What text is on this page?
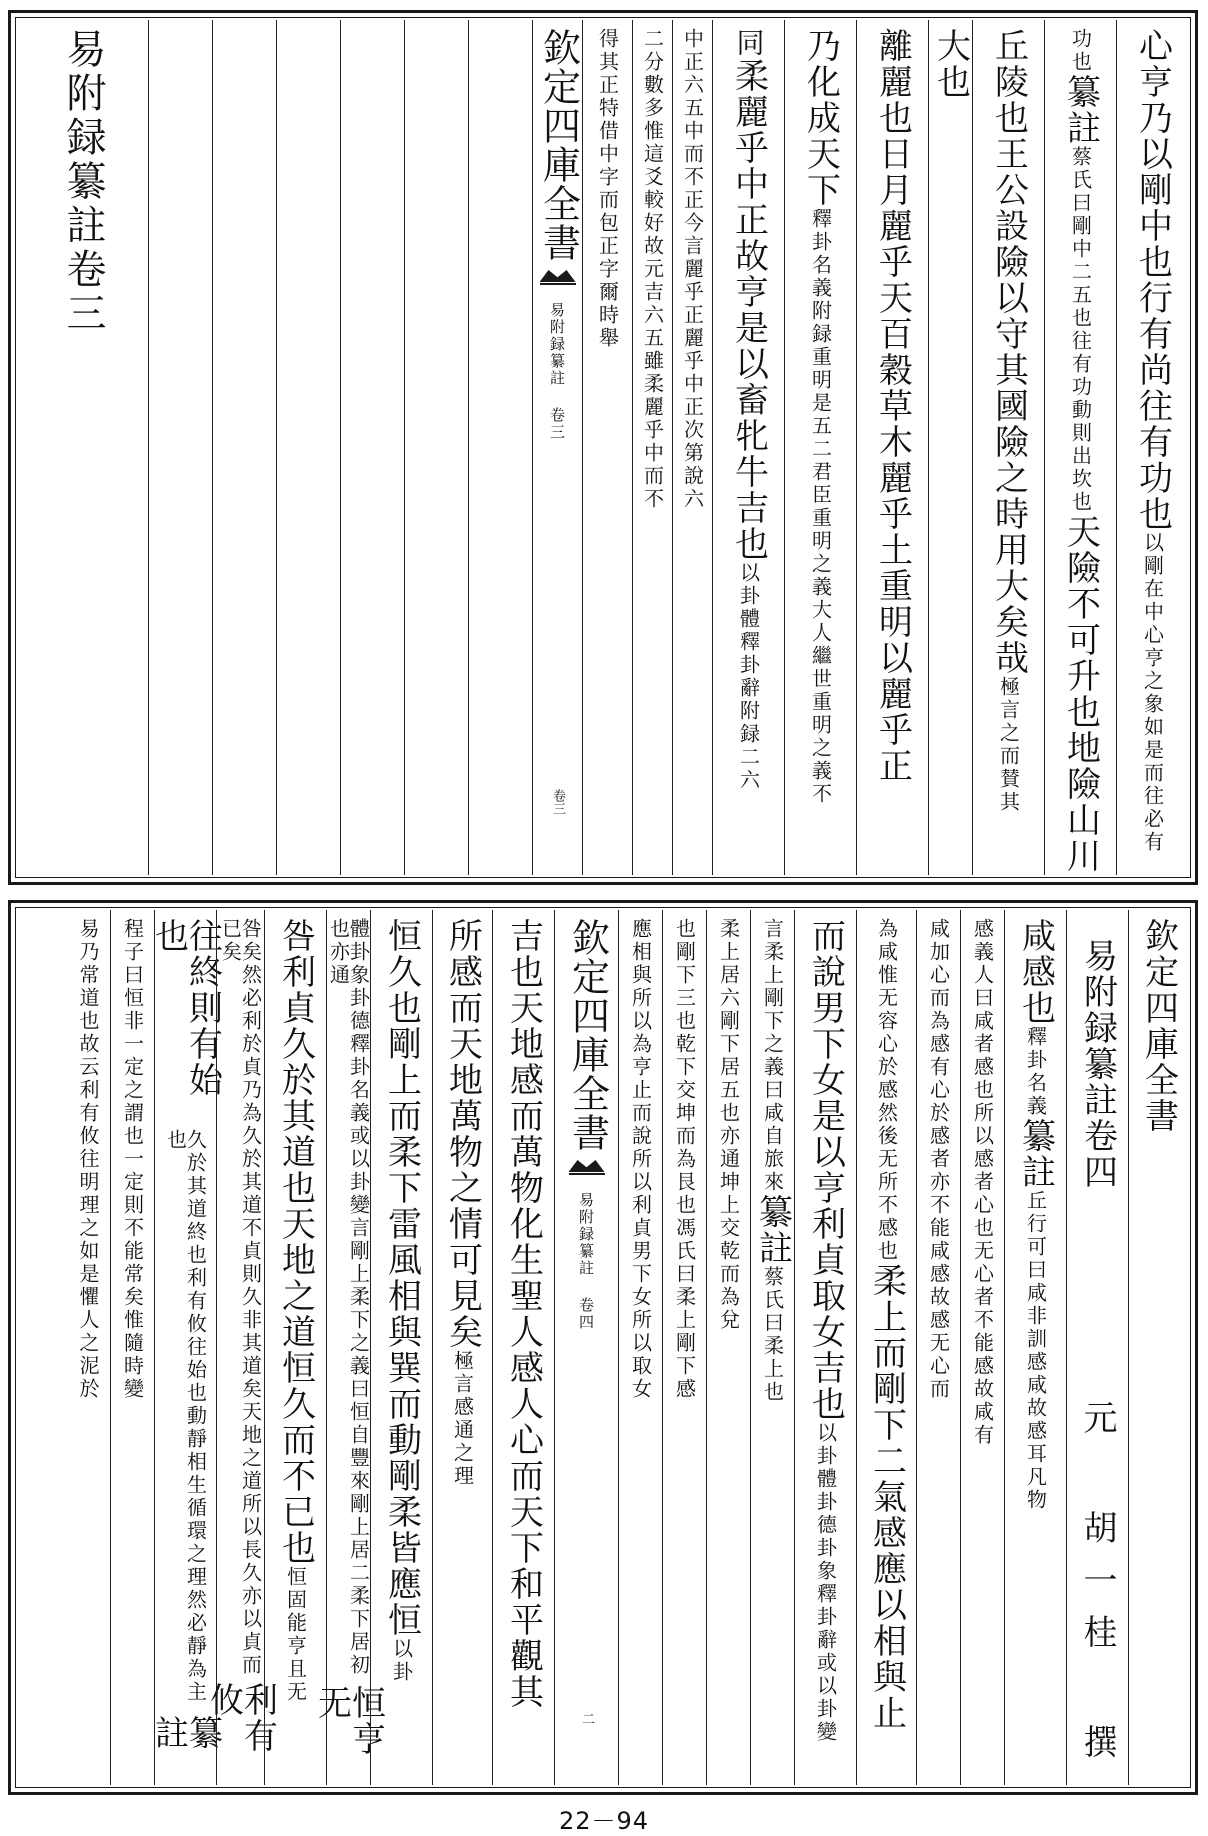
心亨乃以剛中也行有尚往有功也
以剛在中心亨之象如是而往必有
功也
纂註
蔡氏曰剛中二五也往有功動則出坎也
天險不可升也地險山川
丘陵也王公設險以守其國險之時用大矣哉
極言之而賛其
大也
離麗也日月麗乎天百穀草木麗乎土重明以麗乎正
乃化成天下
釋卦名義附録重明是五二君臣重明之義大人繼世重明之義不
同
柔麗乎中正故亨是以畜牝牛吉也
以卦體釋卦辭附録二六
中正六五中而不正今言麗乎正麗乎中正次第說六
二分數多惟這爻較好故元吉六五雖柔麗乎中而不
得其正特借中字而包正字爾時舉
欽定四庫全書
易附録纂註 卷三
卷三
易附録纂註卷三
欽定四庫全書
易附録纂註卷四
元 胡一桂 撰
咸感也
釋卦名義
纂註
丘行可曰咸非訓感咸故感耳凡物
感義人曰咸者感也所以感者心也无心者不能感故咸有
咸加心而為感有心於感者亦不能咸感故感无心而
為咸惟无容心於感然後无所不感也
柔上而剛下二氣感應以相與止
而說男下女是以亨利貞取女吉也
以卦體卦德卦象釋卦辭或以卦變
言柔上剛下之義曰咸自旅來
纂註
蔡氏曰柔上也
柔上居六剛下居五也亦通坤上交乾而為兌
也剛下三也乾下交坤而為艮也馮氏曰柔上剛下感
應相與所以為亨止而說所以利貞男下女所以取女
欽定四庫全書
易附録纂註 卷四
二
吉也天地感而萬物化生聖人感人心而天下和平觀其
所感而天地萬物之情可見矣
極言感通之理
恒久也剛上而柔下雷風相與巽而動剛柔皆應恒
以卦
體卦象卦德釋卦名義或以卦變言剛上柔下之義曰恒自豐來剛上居二柔下居初也亦通
恒亨无
咎利貞久於其道也天地之道恒久而不已也
恒固能亨且无
咎矣然必利於貞乃為久於其道不貞則久非其道矣天地之道所以長久亦以貞而已矣
利有攸
往終則有始也
久於其道終也利有攸往始也動靜相生循環之理然必靜為主也
纂註
程子曰恒非一定之謂也一定則不能常矣惟隨時變
易乃常道也故云利有攸往明理之如是懼人之泥於
22－94
